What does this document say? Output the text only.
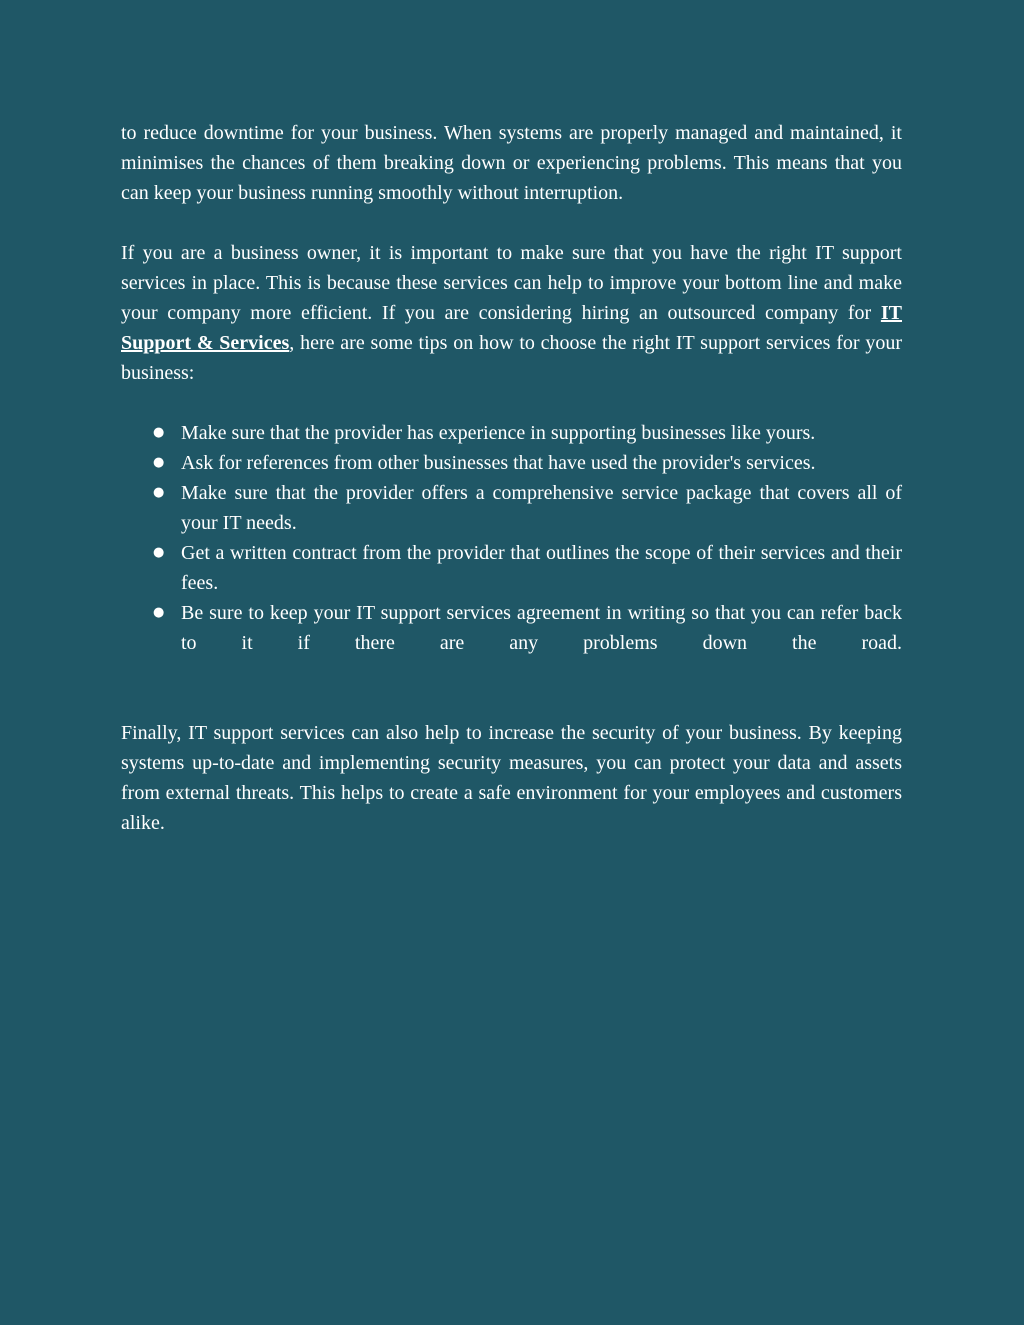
to reduce downtime for your business. When systems are properly managed and maintained, it minimises the chances of them breaking down or experiencing problems. This means that you can keep your business running smoothly without interruption.

If you are a business owner, it is important to make sure that you have the right IT support services in place. This is because these services can help to improve your bottom line and make your company more efficient. If you are considering hiring an outsourced company for IT Support & Services, here are some tips on how to choose the right IT support services for your business:

● Make sure that the provider has experience in supporting businesses like yours.
● Ask for references from other businesses that have used the provider's services.
● Make sure that the provider offers a comprehensive service package that covers all of your IT needs.
● Get a written contract from the provider that outlines the scope of their services and their fees.
● Be sure to keep your IT support services agreement in writing so that you can refer back to it if there are any problems down the road.

Finally, IT support services can also help to increase the security of your business. By keeping systems up-to-date and implementing security measures, you can protect your data and assets from external threats. This helps to create a safe environment for your employees and customers alike.
